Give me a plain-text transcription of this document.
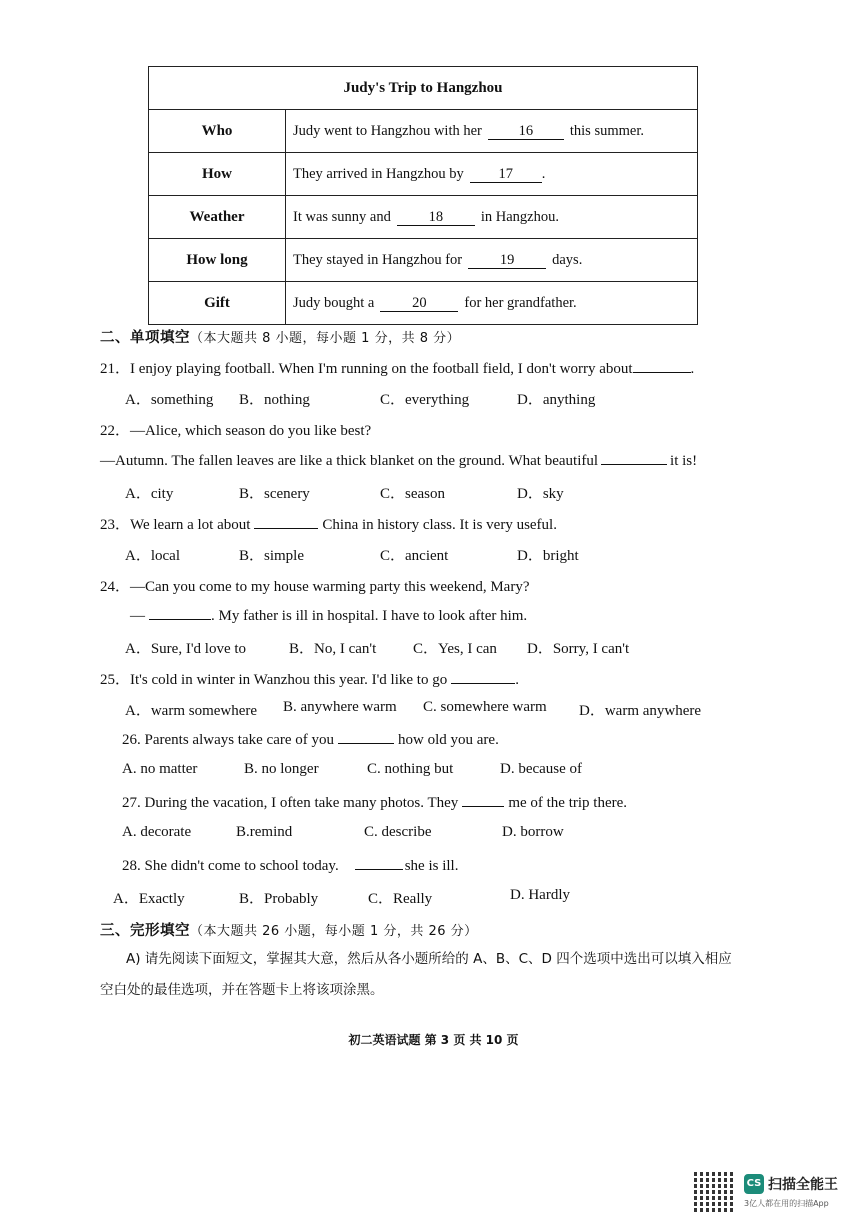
Judy's Trip to Hangzhou	
Who	Judy went to Hangzhou with her 16 this summer.
How	They arrived in Hangzhou by 17 .
Weather	It was sunny and 18 in Hangzhou.
How long	They stayed in Hangzhou for 19 days.
Gift	Judy bought a 20 for her grandfather.
二、单项填空（本大题共 8 小题，每小题 1 分，共 8 分）
21．I enjoy playing football. When I'm running on the football field, I don't worry about	.
A．something B．nothing	C．everything	D．anything
22．—Alice, which season do you like best?
—Autumn. The fallen leaves are like a thick blanket on the ground. What beautiful	it is!
A．city	B．scenery	C．season	D．sky
23．We learn a lot about	China in history class. It is very useful.
A．local	B．simple	C．ancient	D．bright
24．—Can you come to my house warming party this weekend, Mary?
—	. My father is ill in hospital. I have to look after him.
A．Sure, I'd love to	B．No, I can't C．Yes, I can D．Sorry, I can't
25．It's cold in winter in Wanzhou this year. I'd like to go	.
A．warm somewhere B. anywhere warm C. somewhere warm D．warm anywhere
26. Parents always take care of you	how old you are.
A. no matter	B. no longer	C. nothing but	D. because of
27. During the vacation, I often take many photos. They	me of the trip there.
A. decorate	B.remind	C. describe	D. borrow
28. She didn't come to school today.	she is ill.
A．Exactly	B．Probably	C．Really	D. Hardly
三、完形填空（本大题共 26 小题，每小题 1 分，共 26 分）
A) 请先阅读下面短文，掌握其大意，然后从各小题所给的 A、B、C、D 四个选项中选出可以填入相应
空白处的最佳选项，并在答题卡上将该项涂黑。
初二英语试题 第 3 页 共 10 页
CS 扫描全能王
3亿人都在用的扫描App
